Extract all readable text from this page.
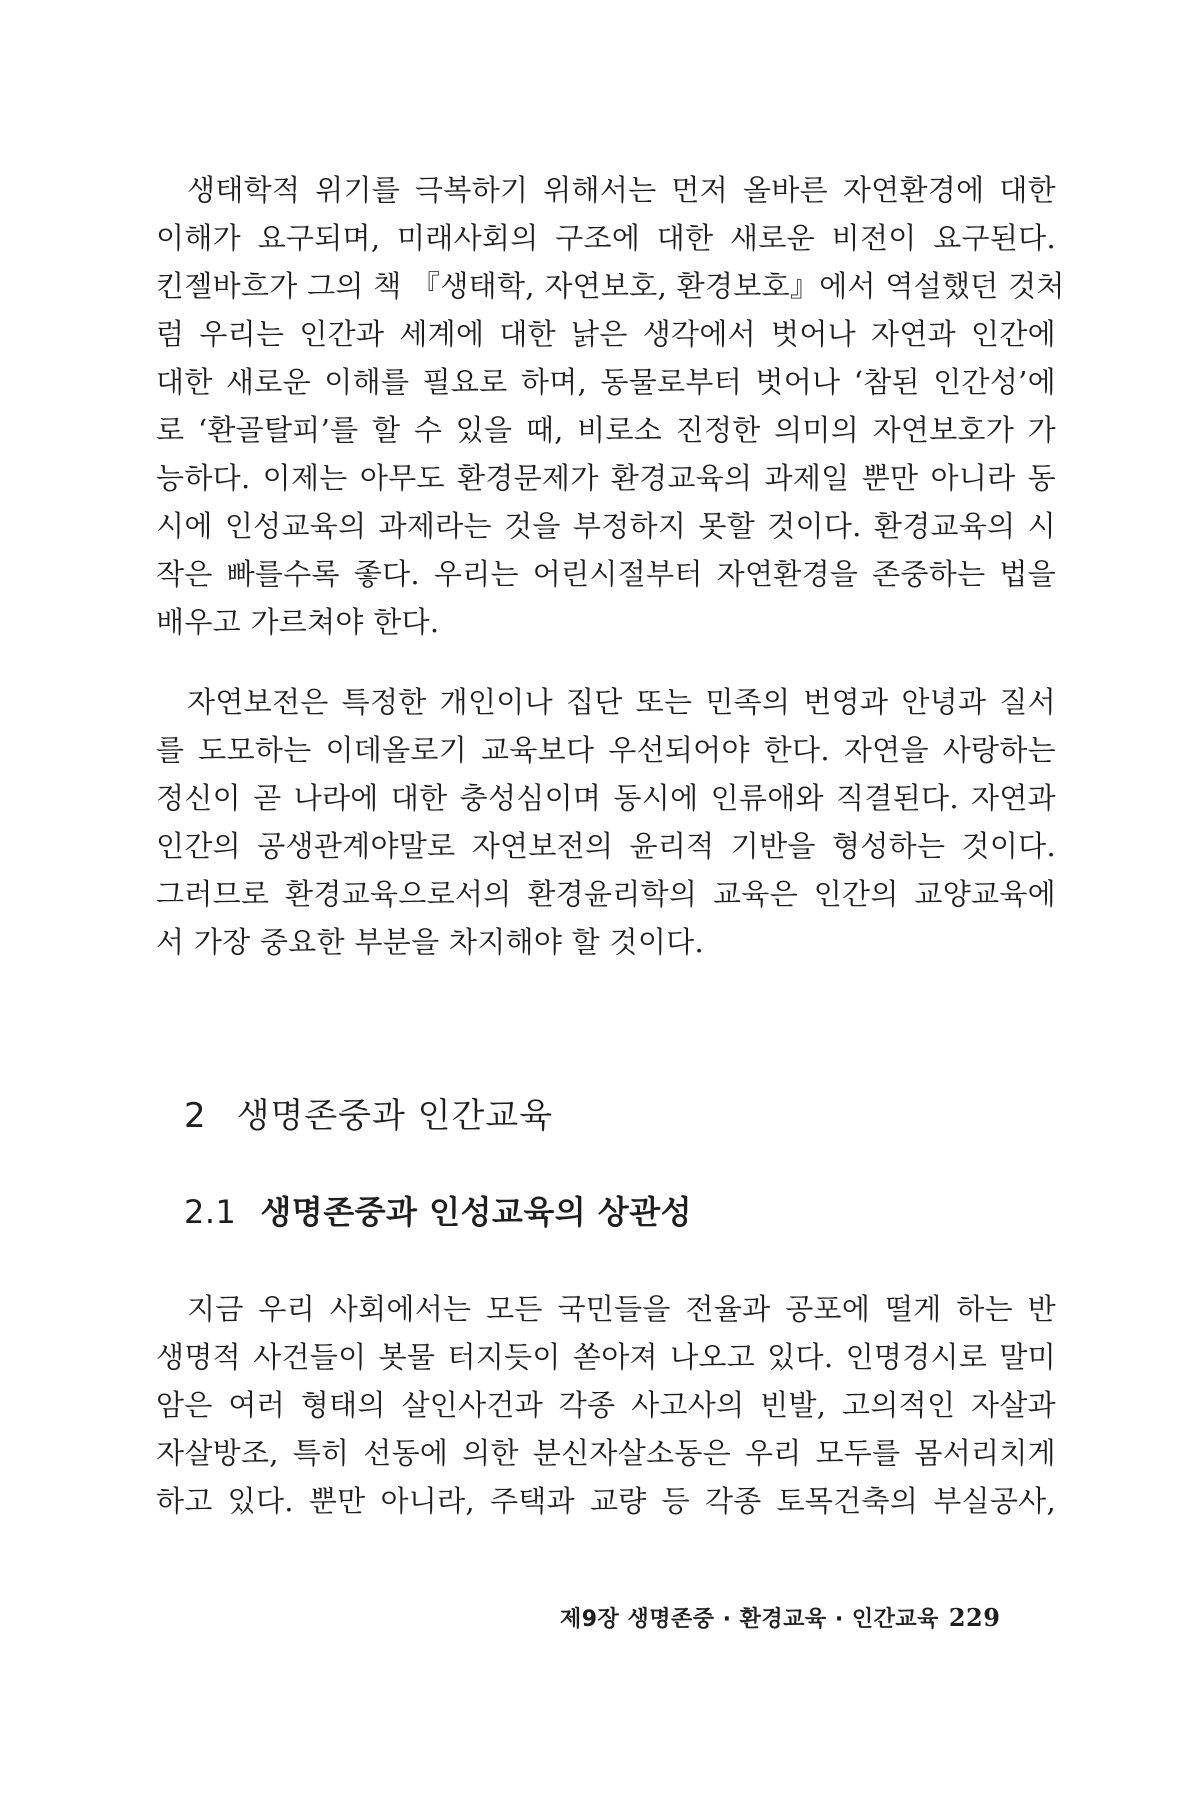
생태학적 위기를 극복하기 위해서는 먼저 올바른 자연환경에 대한
이해가 요구되며, 미래사회의 구조에 대한 새로운 비전이 요구된다.
킨젤바흐가 그의 책 『생태학, 자연보호, 환경보호』에서 역설했던 것처
럼 우리는 인간과 세계에 대한 낡은 생각에서 벗어나 자연과 인간에
대한 새로운 이해를 필요로 하며, 동물로부터 벗어나 ‘참된 인간성’에
로 ‘환골탈피’를 할 수 있을 때, 비로소 진정한 의미의 자연보호가 가
능하다. 이제는 아무도 환경문제가 환경교육의 과제일 뿐만 아니라 동
시에 인성교육의 과제라는 것을 부정하지 못할 것이다. 환경교육의 시
작은 빠를수록 좋다. 우리는 어린시절부터 자연환경을 존중하는 법을
배우고 가르쳐야 한다.
자연보전은 특정한 개인이나 집단 또는 민족의 번영과 안녕과 질서
를 도모하는 이데올로기 교육보다 우선되어야 한다. 자연을 사랑하는
정신이 곧 나라에 대한 충성심이며 동시에 인류애와 직결된다. 자연과
인간의 공생관계야말로 자연보전의 윤리적 기반을 형성하는 것이다.
그러므로 환경교육으로서의 환경윤리학의 교육은 인간의 교양교육에
서 가장 중요한 부분을 차지해야 할 것이다.
2 생명존중과 인간교육
2.1 생명존중과 인성교육의 상관성
지금 우리 사회에서는 모든 국민들을 전율과 공포에 떨게 하는 반
생명적 사건들이 봇물 터지듯이 쏟아져 나오고 있다. 인명경시로 말미
암은 여러 형태의 살인사건과 각종 사고사의 빈발, 고의적인 자살과
자살방조, 특히 선동에 의한 분신자살소동은 우리 모두를 몸서리치게
하고 있다. 뿐만 아니라, 주택과 교량 등 각종 토목건축의 부실공사,
제9장 생명존중 · 환경교육 · 인간교육 229
